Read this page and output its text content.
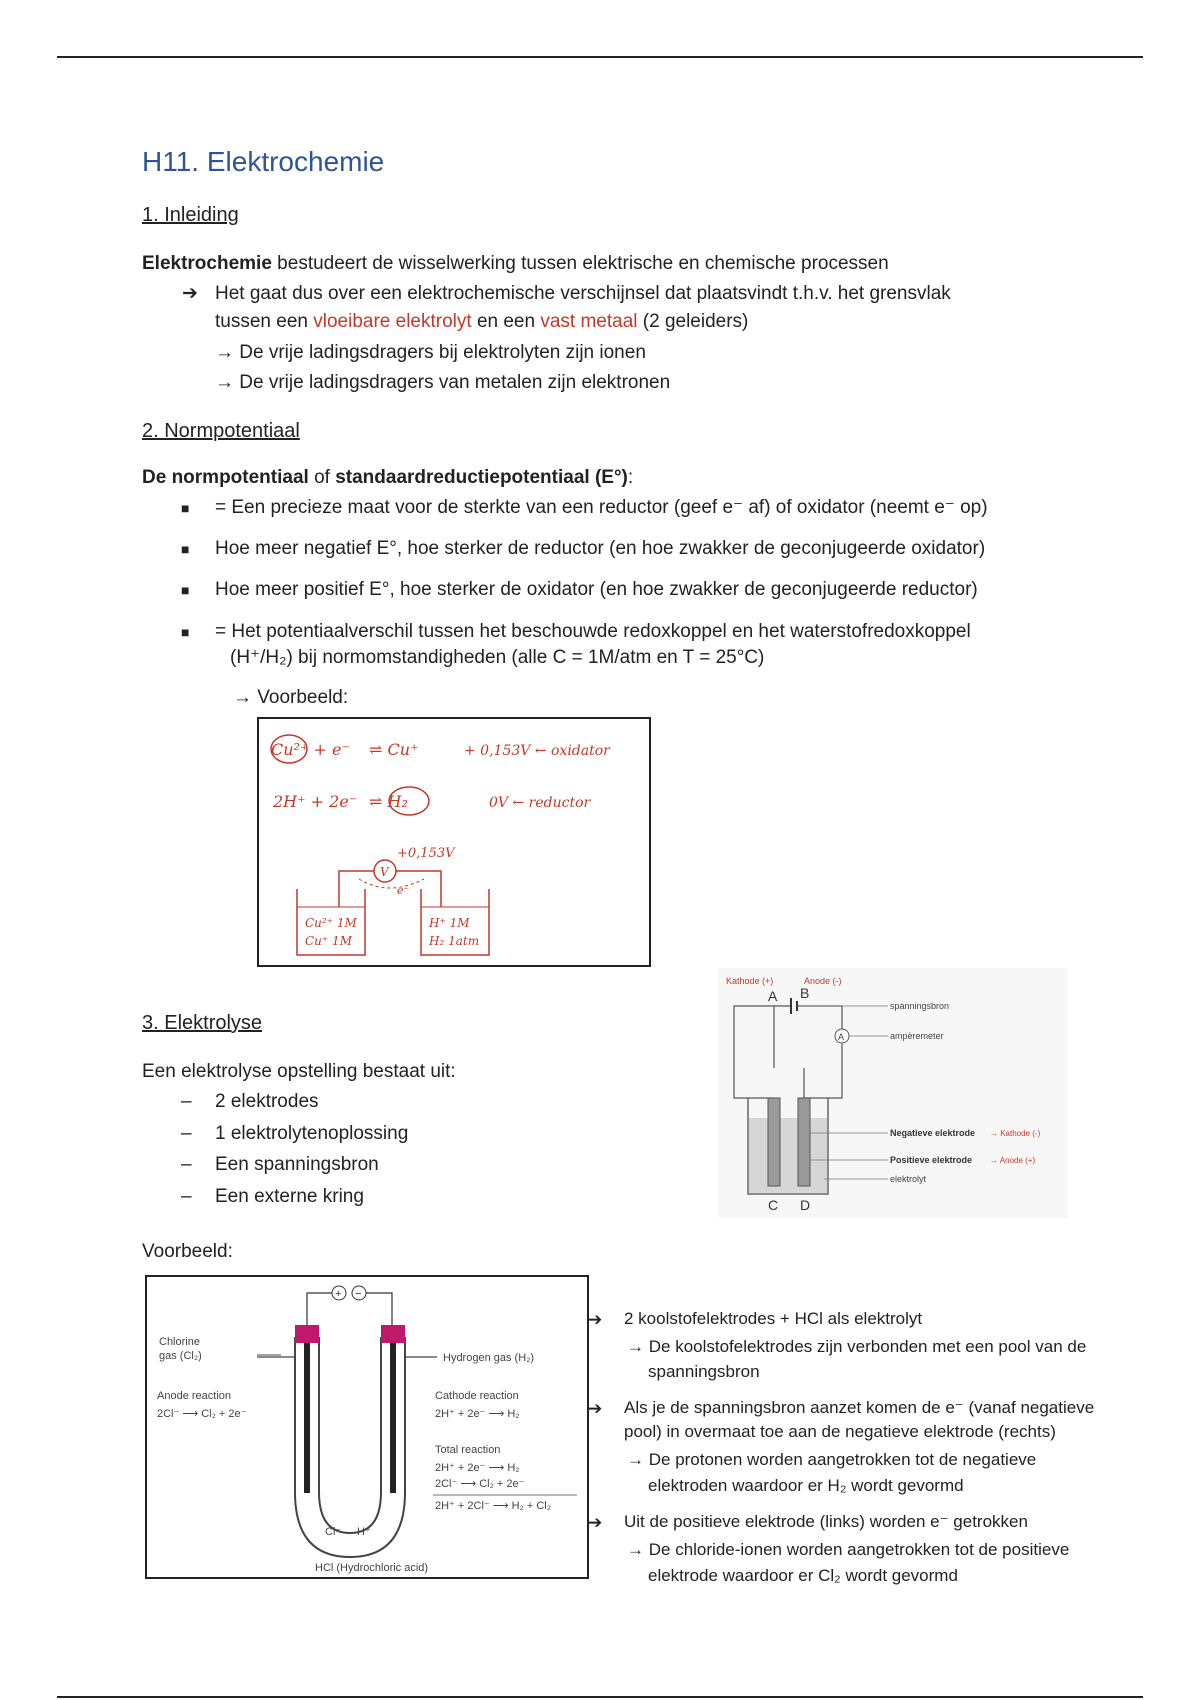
H11. Elektrochemie
1. Inleiding
Elektrochemie bestudeert de wisselwerking tussen elektrische en chemische processen
➔ Het gaat dus over een elektrochemische verschijnsel dat plaatsvindt t.h.v. het grensvlak
tussen een vloeibare elektrolyt en een vast metaal (2 geleiders)
→ De vrije ladingsdragers bij elektrolyten zijn ionen
→ De vrije ladingsdragers van metalen zijn elektronen
2. Normpotentiaal
De normpotentiaal of standaardreductiepotentiaal (E°):
■ = Een precieze maat voor de sterkte van een reductor (geef e⁻ af) of oxidator (neemt e⁻ op)
■ Hoe meer negatief E°, hoe sterker de reductor (en hoe zwakker de geconjugeerde oxidator)
■ Hoe meer positief E°, hoe sterker de oxidator (en hoe zwakker de geconjugeerde reductor)
■ = Het potentiaalverschil tussen het beschouwde redoxkoppel en het waterstofredoxkoppel
(H⁺/H₂) bij normomstandigheden (alle C = 1M/atm en T = 25°C)
→ Voorbeeld:
Cu²⁺ + e⁻ ⇌ Cu⁺	+ 0,153V ← oxidator
2H⁺ + 2e⁻ ⇌ H₂	0V ← reductor
+0,153V
V
e⁻
Cu²⁺ 1M
Cu⁺ 1M
H⁺ 1M
H₂ 1atm
3. Elektrolyse
Een elektrolyse opstelling bestaat uit:
– 2 elektrodes
– 1 elektrolytenoplossing
– Een spanningsbron
– Een externe kring
Kathode (+)	Anode (-)
A B
spanningsbron
A	ampèremeter
C D
Negatieve elektrode → Kathode (-)
Positieve elektrode → Anode (+)
elektrolyt
Voorbeeld:
+ −
Chlorine
gas (Cl₂)	Hydrogen gas (H₂)
Anode reaction
2Cl⁻ ⟶ Cl₂ + 2e⁻
Cathode reaction
2H⁺ + 2e⁻ ⟶ H₂
Total reaction
2H⁺ + 2e⁻ ⟶ H₂
2Cl⁻ ⟶ Cl₂ + 2e⁻
2H⁺ + 2Cl⁻ ⟶ H₂ + Cl₂
Cl⁻ H⁺
HCl (Hydrochloric acid)
➔ 2 koolstofelektrodes + HCl als elektrolyt
→ De koolstofelektrodes zijn verbonden met een pool van de
spanningsbron
➔ Als je de spanningsbron aanzet komen de e⁻ (vanaf negatieve
pool) in overmaat toe aan de negatieve elektrode (rechts)
→ De protonen worden aangetrokken tot de negatieve
elektroden waardoor er H₂ wordt gevormd
➔ Uit de positieve elektrode (links) worden e⁻ getrokken
→ De chloride-ionen worden aangetrokken tot de positieve
elektrode waardoor er Cl₂ wordt gevormd
